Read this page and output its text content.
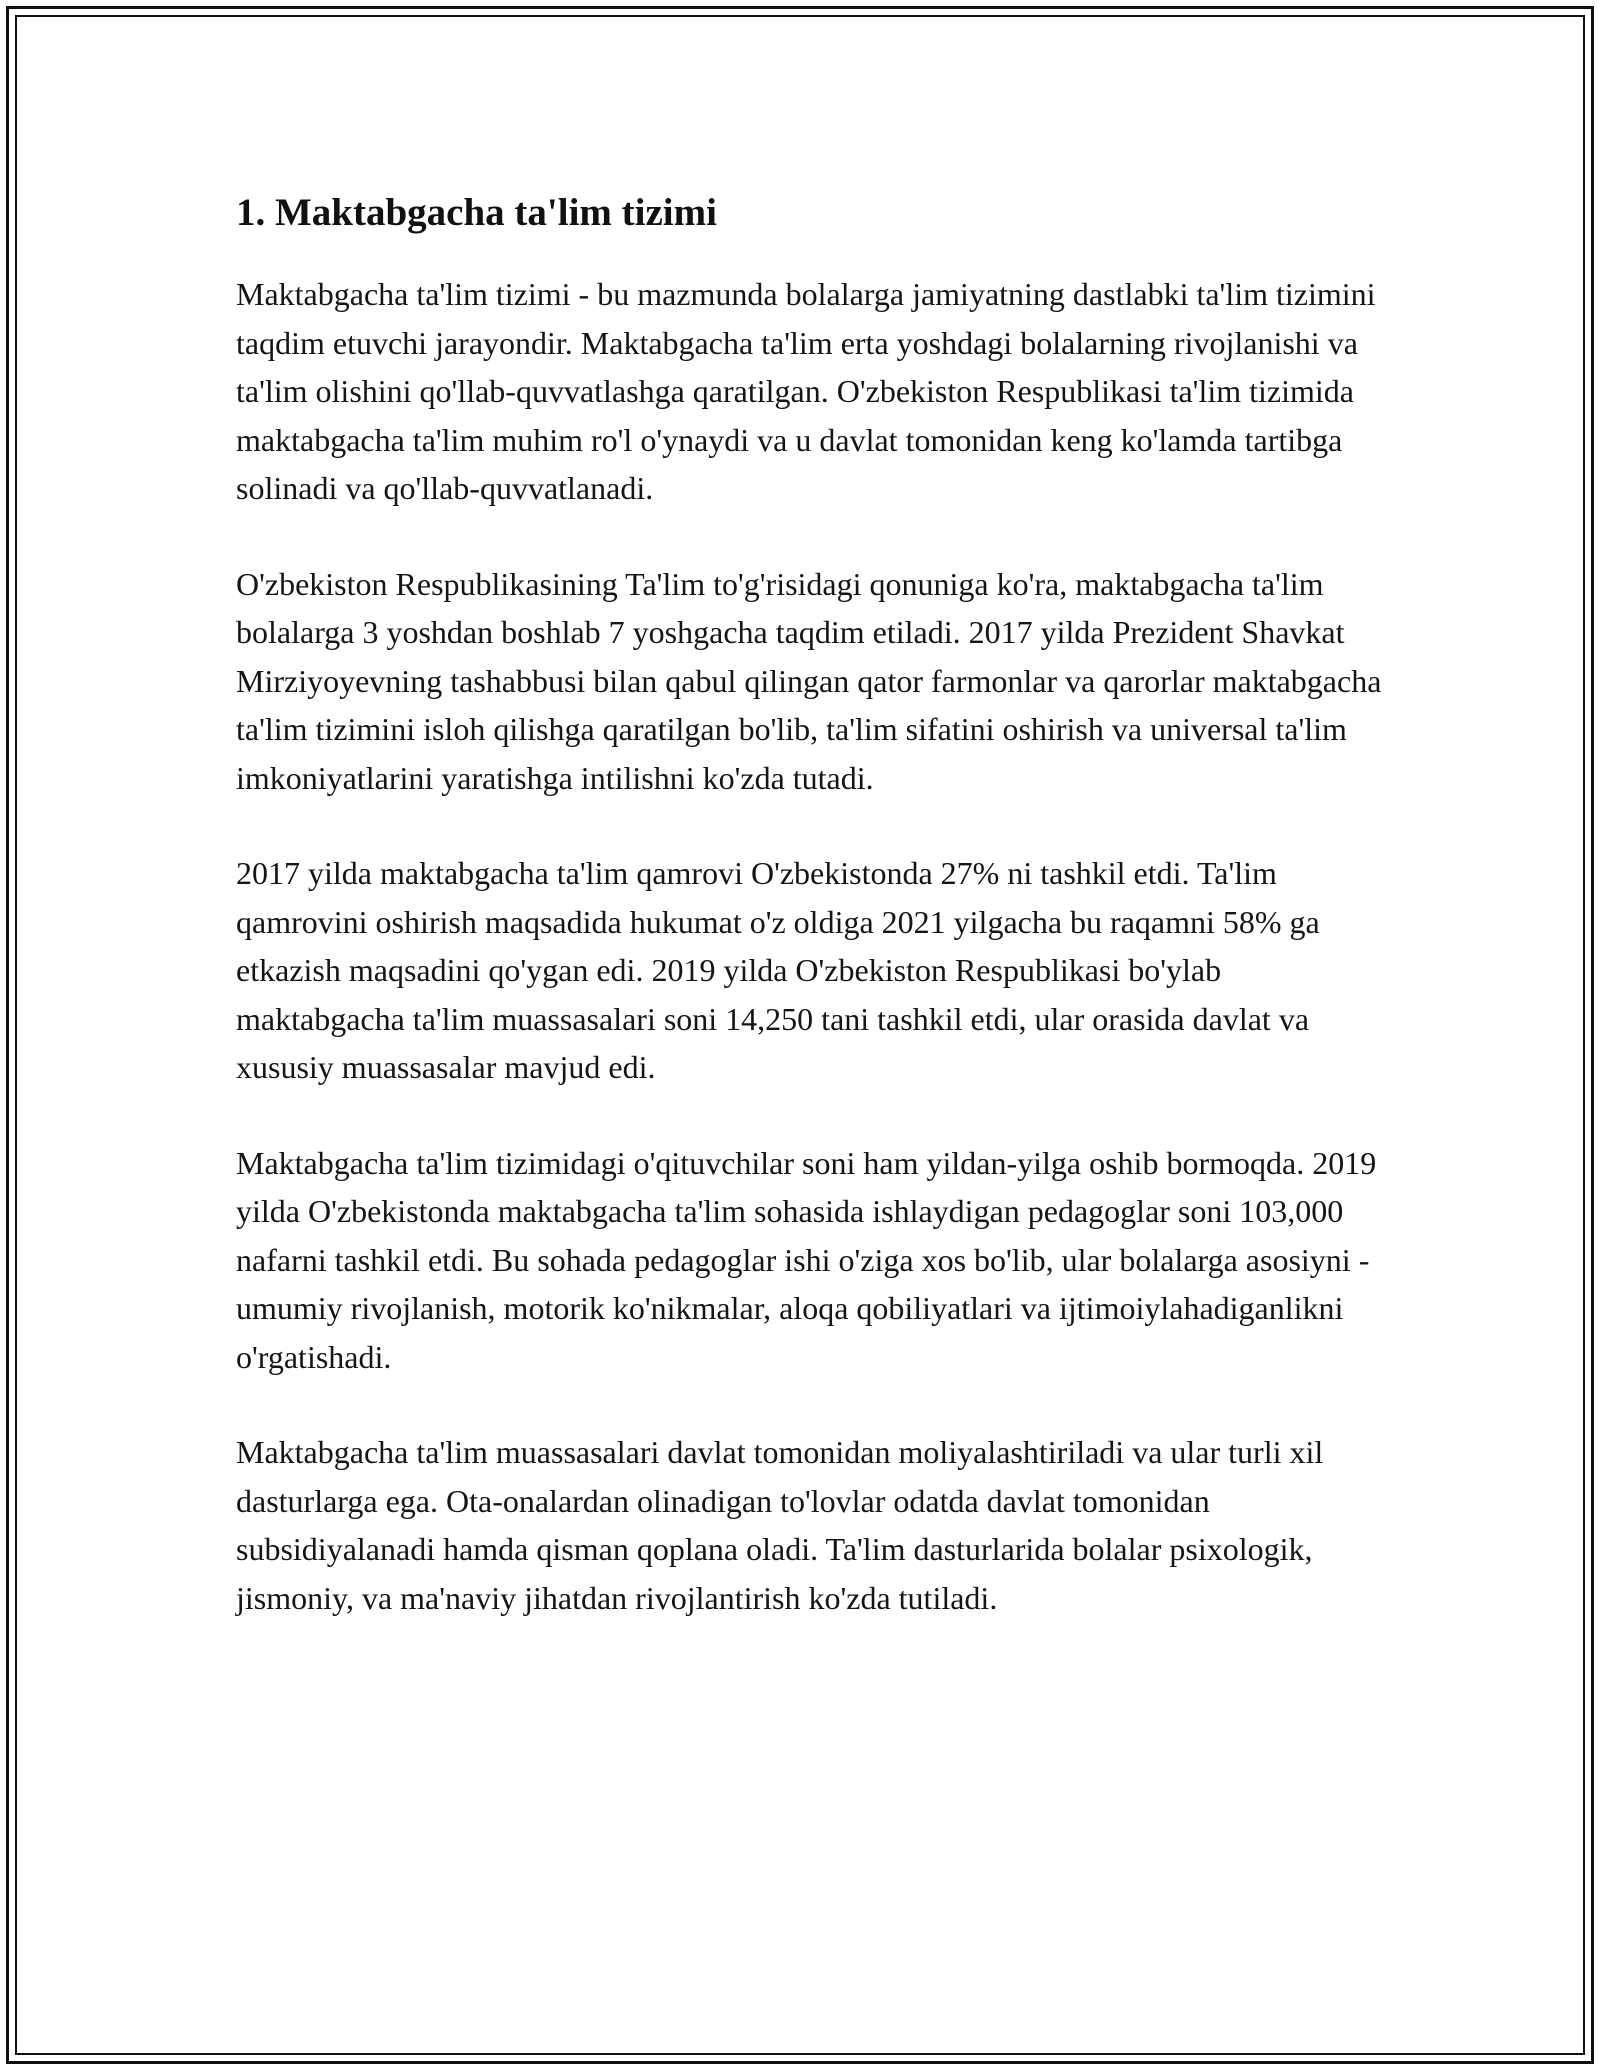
1. Maktabgacha ta'lim tizimi

Maktabgacha ta'lim tizimi - bu mazmunda bolalarga jamiyatning dastlabki ta'lim tizimini taqdim etuvchi jarayondir. Maktabgacha ta'lim erta yoshdagi bolalarning rivojlanishi va ta'lim olishini qo'llab-quvvatlashga qaratilgan. O'zbekiston Respublikasi ta'lim tizimida maktabgacha ta'lim muhim ro'l o'ynaydi va u davlat tomonidan keng ko'lamda tartibga solinadi va qo'llab-quvvatlanadi.

O'zbekiston Respublikasining Ta'lim to'g'risidagi qonuniga ko'ra, maktabgacha ta'lim bolalarga 3 yoshdan boshlab 7 yoshgacha taqdim etiladi. 2017 yilda Prezident Shavkat Mirziyoyevning tashabbusi bilan qabul qilingan qator farmonlar va qarorlar maktabgacha ta'lim tizimini isloh qilishga qaratilgan bo'lib, ta'lim sifatini oshirish va universal ta'lim imkoniyatlarini yaratishga intilishni ko'zda tutadi.

2017 yilda maktabgacha ta'lim qamrovi O'zbekistonda 27% ni tashkil etdi. Ta'lim qamrovini oshirish maqsadida hukumat o'z oldiga 2021 yilgacha bu raqamni 58% ga etkazish maqsadini qo'ygan edi. 2019 yilda O'zbekiston Respublikasi bo'ylab maktabgacha ta'lim muassasalari soni 14,250 tani tashkil etdi, ular orasida davlat va xususiy muassasalar mavjud edi.

Maktabgacha ta'lim tizimidagi o'qituvchilar soni ham yildan-yilga oshib bormoqda. 2019 yilda O'zbekistonda maktabgacha ta'lim sohasida ishlaydigan pedagoglar soni 103,000 nafarni tashkil etdi. Bu sohada pedagoglar ishi o'ziga xos bo'lib, ular bolalarga asosiyni - umumiy rivojlanish, motorik ko'nikmalar, aloqa qobiliyatlari va ijtimoiylahadiganlikni o'rgatishadi.

Maktabgacha ta'lim muassasalari davlat tomonidan moliyalashtiriladi va ular turli xil dasturlarga ega. Ota-onalardan olinadigan to'lovlar odatda davlat tomonidan subsidiyalanadi hamda qisman qoplana oladi. Ta'lim dasturlarida bolalar psixologik, jismoniy, va ma'naviy jihatdan rivojlantirish ko'zda tutiladi.
